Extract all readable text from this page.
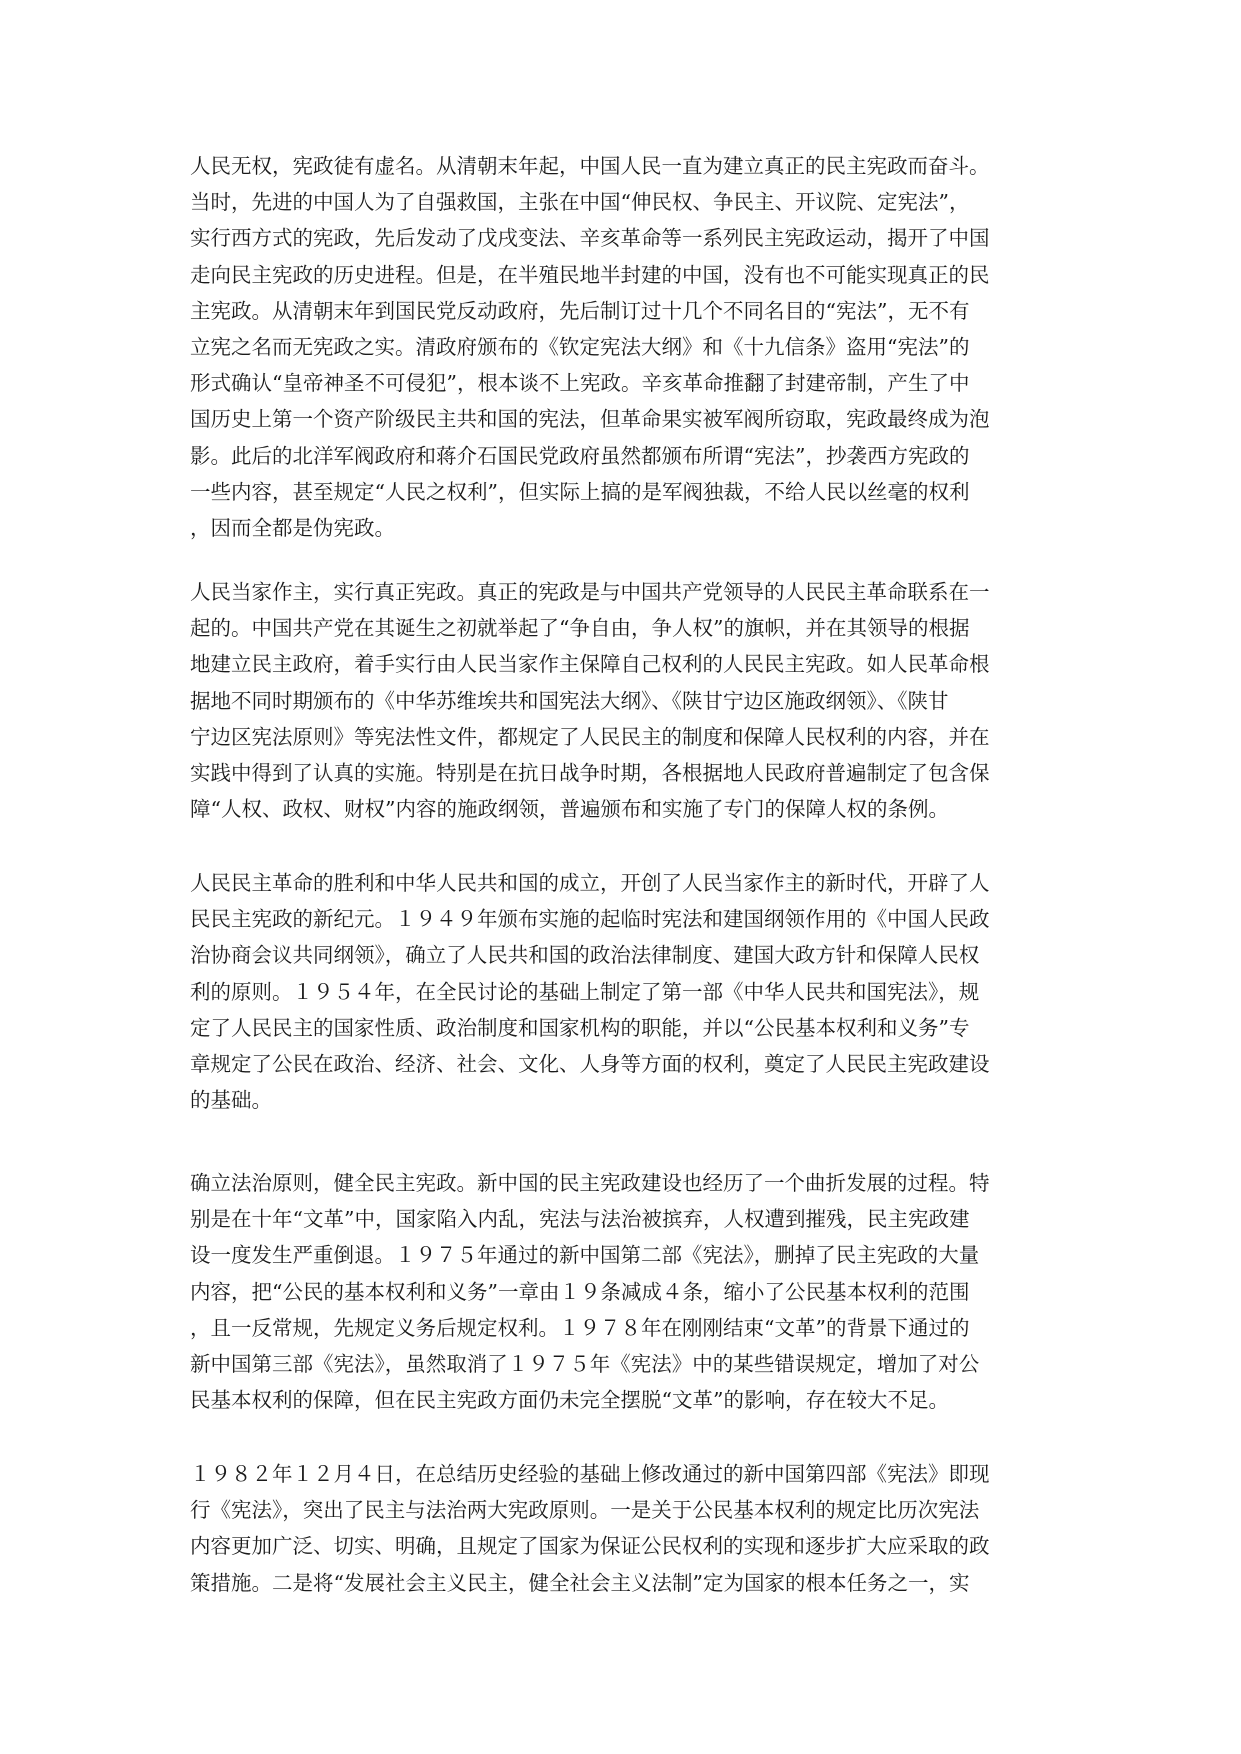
人民无权，宪政徒有虚名。从清朝末年起，中国人民一直为建立真正的民主宪政而奋斗。
当时，先进的中国人为了自强救国，主张在中国“伸民权、争民主、开议院、定宪法”，
实行西方式的宪政，先后发动了戊戌变法、辛亥革命等一系列民主宪政运动，揭开了中国
走向民主宪政的历史进程。但是，在半殖民地半封建的中国，没有也不可能实现真正的民
主宪政。从清朝末年到国民党反动政府，先后制订过十几个不同名目的“宪法”，无不有
立宪之名而无宪政之实。清政府颁布的《钦定宪法大纲》和《十九信条》盗用“宪法”的
形式确认“皇帝神圣不可侵犯”，根本谈不上宪政。辛亥革命推翻了封建帝制，产生了中
国历史上第一个资产阶级民主共和国的宪法，但革命果实被军阀所窃取，宪政最终成为泡
影。此后的北洋军阀政府和蒋介石国民党政府虽然都颁布所谓“宪法”，抄袭西方宪政的
一些内容，甚至规定“人民之权利”，但实际上搞的是军阀独裁，不给人民以丝毫的权利
，因而全都是伪宪政。
人民当家作主，实行真正宪政。真正的宪政是与中国共产党领导的人民民主革命联系在一
起的。中国共产党在其诞生之初就举起了“争自由，争人权”的旗帜，并在其领导的根据
地建立民主政府，着手实行由人民当家作主保障自己权利的人民民主宪政。如人民革命根
据地不同时期颁布的《中华苏维埃共和国宪法大纲》、《陕甘宁边区施政纲领》、《陕甘
宁边区宪法原则》等宪法性文件，都规定了人民民主的制度和保障人民权利的内容，并在
实践中得到了认真的实施。特别是在抗日战争时期，各根据地人民政府普遍制定了包含保
障“人权、政权、财权”内容的施政纲领，普遍颁布和实施了专门的保障人权的条例。
人民民主革命的胜利和中华人民共和国的成立，开创了人民当家作主的新时代，开辟了人
民民主宪政的新纪元。１９４９年颁布实施的起临时宪法和建国纲领作用的《中国人民政
治协商会议共同纲领》，确立了人民共和国的政治法律制度、建国大政方针和保障人民权
利的原则。１９５４年，在全民讨论的基础上制定了第一部《中华人民共和国宪法》，规
定了人民民主的国家性质、政治制度和国家机构的职能，并以“公民基本权利和义务”专
章规定了公民在政治、经济、社会、文化、人身等方面的权利，奠定了人民民主宪政建设
的基础。
确立法治原则，健全民主宪政。新中国的民主宪政建设也经历了一个曲折发展的过程。特
别是在十年“文革”中，国家陷入内乱，宪法与法治被摈弃，人权遭到摧残，民主宪政建
设一度发生严重倒退。１９７５年通过的新中国第二部《宪法》，删掉了民主宪政的大量
内容，把“公民的基本权利和义务”一章由１９条减成４条，缩小了公民基本权利的范围
，且一反常规，先规定义务后规定权利。１９７８年在刚刚结束“文革”的背景下通过的
新中国第三部《宪法》，虽然取消了１９７５年《宪法》中的某些错误规定，增加了对公
民基本权利的保障，但在民主宪政方面仍未完全摆脱“文革”的影响，存在较大不足。
１９８２年１２月４日，在总结历史经验的基础上修改通过的新中国第四部《宪法》即现
行《宪法》，突出了民主与法治两大宪政原则。一是关于公民基本权利的规定比历次宪法
内容更加广泛、切实、明确，且规定了国家为保证公民权利的实现和逐步扩大应采取的政
策措施。二是将“发展社会主义民主，健全社会主义法制”定为国家的根本任务之一，实
